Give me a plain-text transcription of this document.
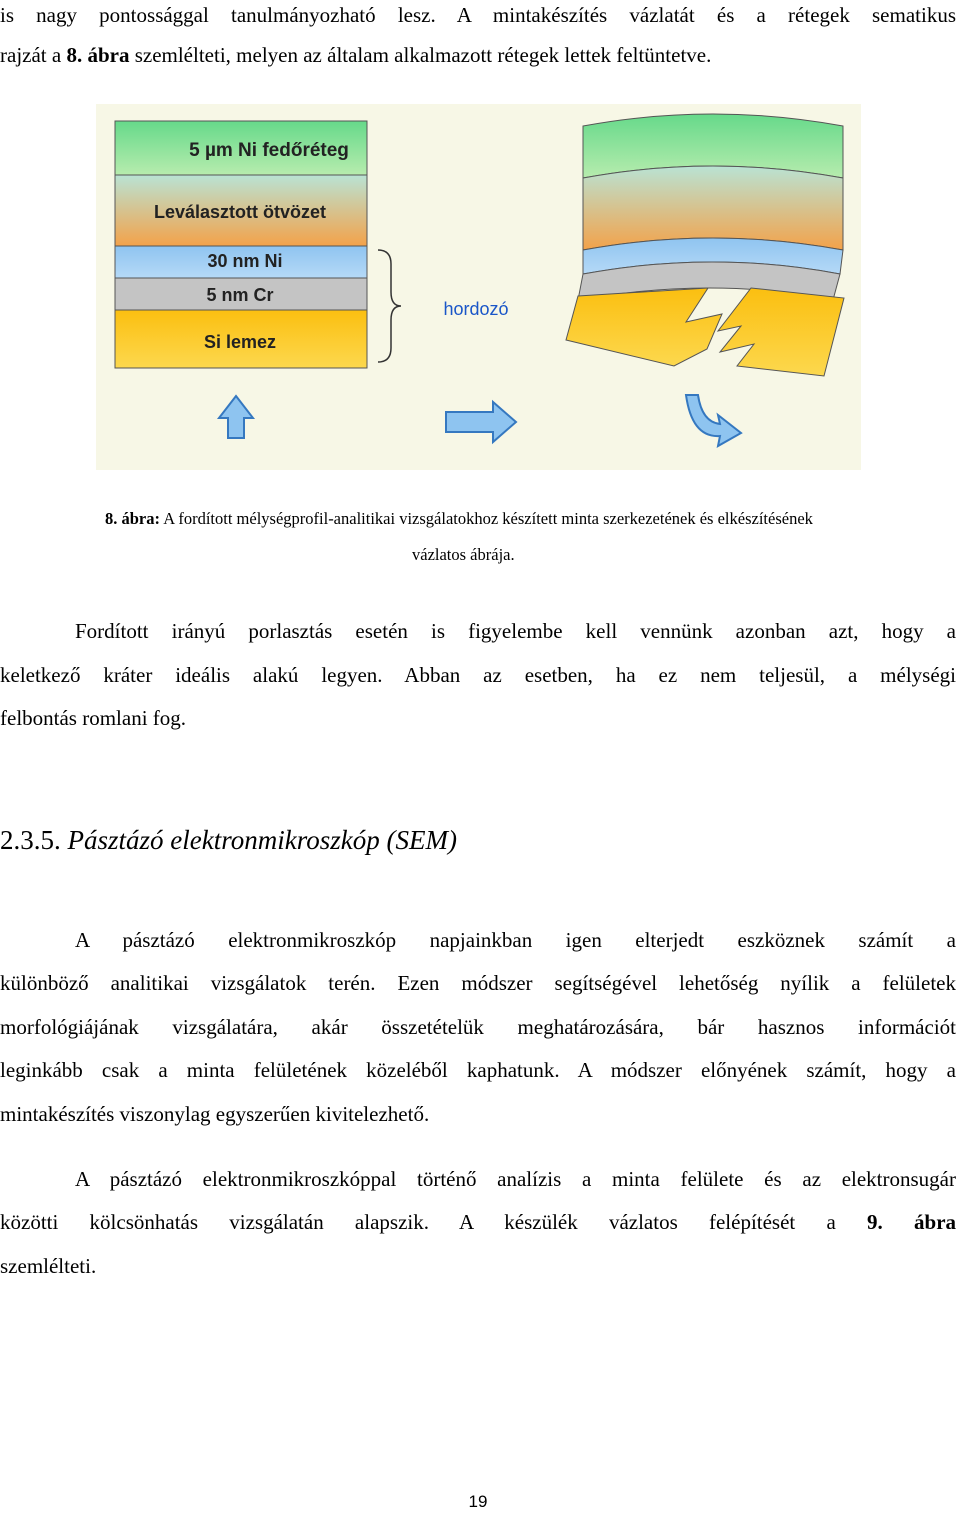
is nagy pontossággal tanulmányozható lesz. A mintakészítés vázlatát és a rétegek sematikus
rajzát a 8. ábra szemlélteti, melyen az általam alkalmazott rétegek lettek feltüntetve.
5 µm Ni fedőréteg
Leválasztott ötvözet
30 nm Ni
5 nm Cr
Si lemez
hordozó
8. ábra: A fordított mélységprofil-analitikai vizsgálatokhoz készített minta szerkezetének és elkészítésének
vázlatos ábrája.
Fordított irányú porlasztás esetén is figyelembe kell vennünk azonban azt, hogy a
keletkező kráter ideális alakú legyen. Abban az esetben, ha ez nem teljesül, a mélységi
felbontás romlani fog.
2.3.5. Pásztázó elektronmikroszkóp (SEM)
A pásztázó elektronmikroszkóp napjainkban igen elterjedt eszköznek számít a
különböző analitikai vizsgálatok terén. Ezen módszer segítségével lehetőség nyílik a felületek
morfológiájának vizsgálatára, akár összetételük meghatározására, bár hasznos információt
leginkább csak a minta felületének közeléből kaphatunk. A módszer előnyének számít, hogy a
mintakészítés viszonylag egyszerűen kivitelezhető.
A pásztázó elektronmikroszkóppal történő analízis a minta felülete és az elektronsugár
közötti kölcsönhatás vizsgálatán alapszik. A készülék vázlatos felépítését a 9. ábra
szemlélteti.
19
